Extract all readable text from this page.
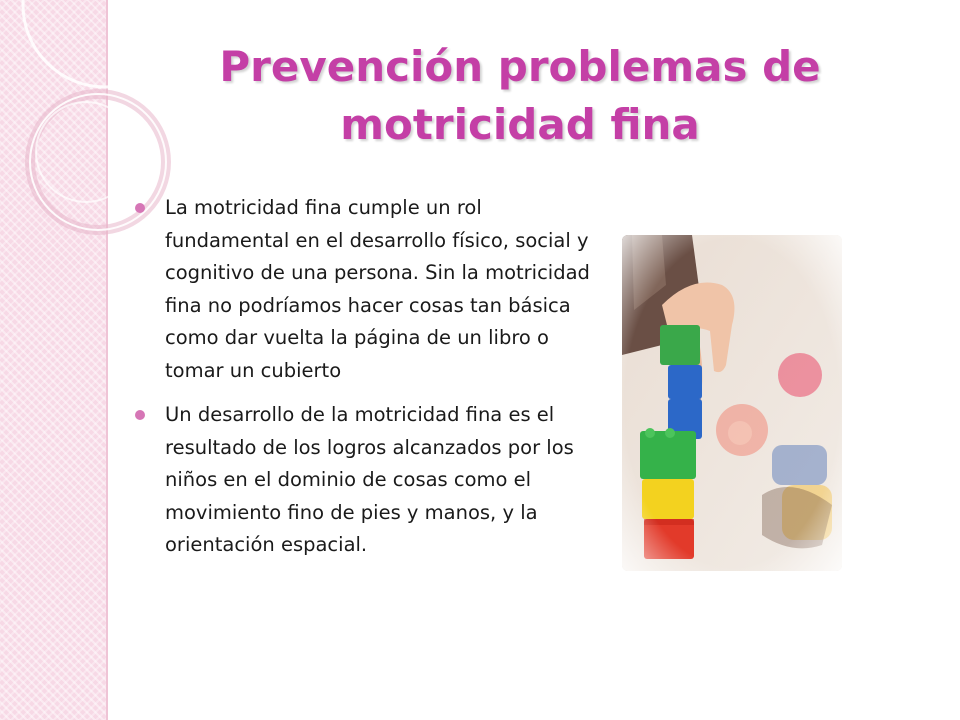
Prevención problemas de
motricidad fina
La motricidad fina cumple un rol fundamental en el desarrollo físico, social y cognitivo de una persona. Sin la motricidad fina no podríamos hacer cosas tan básica como dar vuelta la página de un libro o tomar un cubierto
Un desarrollo de la motricidad fina es el resultado de los logros alcanzados por los niños en el dominio de cosas como el movimiento fino de pies y manos, y la orientación espacial.
